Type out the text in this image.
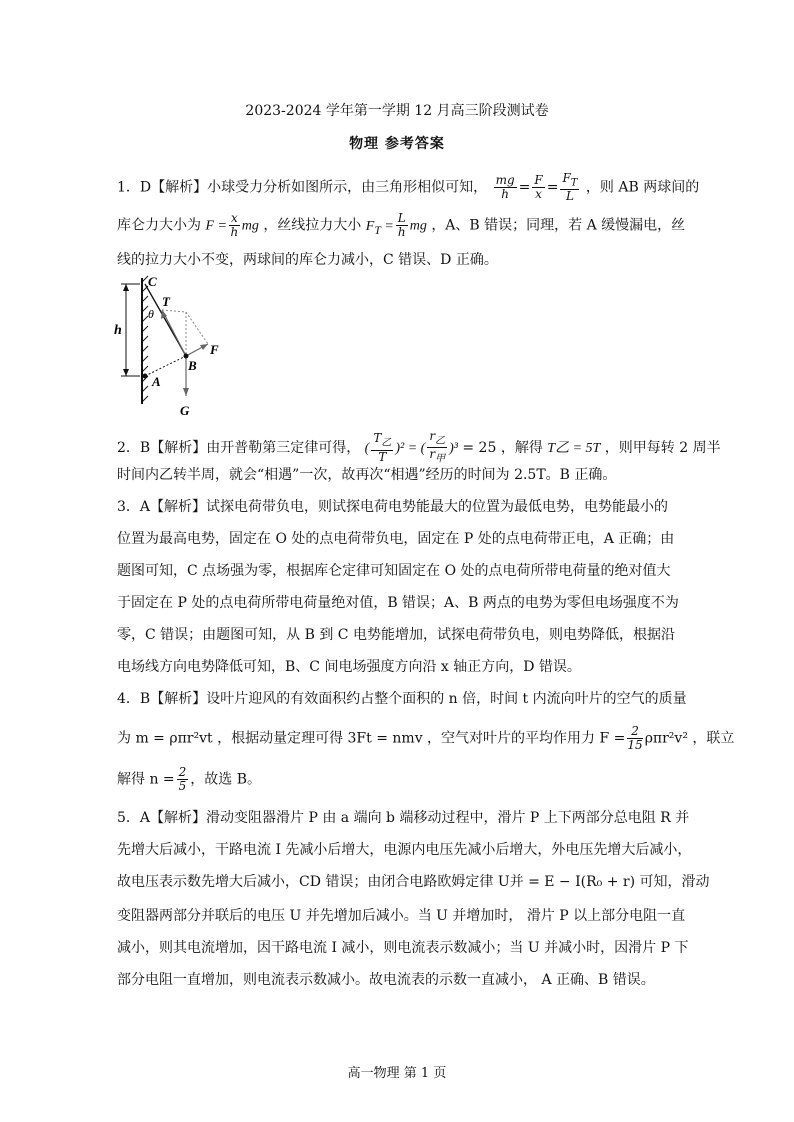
2023-2024 学年第一学期 12 月高三阶段测试卷
物理 参考答案
1．D【解析】小球受力分析如图所示，由三角形相似可知， $\frac{mg}{h} = \frac{F}{x} = \frac{F_T}{L}$ ，则 AB 两球间的
库仑力大小为 $F = \frac{x}{h}$ mg ，丝线拉力大小 $F_T = \frac{L}{h}$ mg ，A、B 错误；同理，若 A 缓慢漏电，丝
线的拉力大小不变，两球间的库仑力减小，C 错误、D 正确。
C
T
θ
h
F
B
A
G
2．B【解析】由开普勒第三定律可得， ( $\frac{T_乙}{T} )^2$ = ( $\frac{r_乙}{r_甲} )^3 = 25$ ，解得 T乙 = 5T ，则甲每转 2 周半
时间内乙转半周，就会“相遇”一次，故再次“相遇”经历的时间为 2.5T。B 正确。
3．A【解析】试探电荷带负电，则试探电荷电势能最大的位置为最低电势，电势能最小的
位置为最高电势，固定在 O 处的点电荷带负电，固定在 P 处的点电荷带正电，A 正确；由
题图可知，C 点场强为零，根据库仑定律可知固定在 O 处的点电荷所带电荷量的绝对值大
于固定在 P 处的点电荷所带电荷量绝对值，B 错误；A、B 两点的电势为零但电场强度不为
零，C 错误；由题图可知，从 B 到 C 电势能增加，试探电荷带负电，则电势降低，根据沿
电场线方向电势降低可知，B、C 间电场强度方向沿 x 轴正方向，D 错误。
4．B【解析】设叶片迎风的有效面积约占整个面积的 n 倍，时间 t 内流向叶片的空气的质量
为 m = ρπr²vt ，根据动量定理可得 3Ft = nmv ，空气对叶片的平均作用力 $F = \frac{2}{15} \rho\pi r^2v^2$ ，联立
解得 $n = \frac{2}{5}$ ，故选 B。
5．A【解析】滑动变阻器滑片 P 由 a 端向 b 端移动过程中，滑片 P 上下两部分总电阻 R 并
先增大后减小，干路电流 I 先减小后增大，电源内电压先减小后增大，外电压先增大后减小，
故电压表示数先增大后减小，CD 错误；由闭合电路欧姆定律 U并 = E − I(R₀ + r) 可知，滑动
变阻器两部分并联后的电压 U 并先增加后减小。当 U 并增加时， 滑片 P 以上部分电阻一直
减小，则其电流增加，因干路电流 I 减小，则电流表示数减小；当 U 并减小时，因滑片 P 下
部分电阻一直增加，则电流表示数减小。故电流表的示数一直减小， A 正确、B 错误。
高一物理 第 1 页
